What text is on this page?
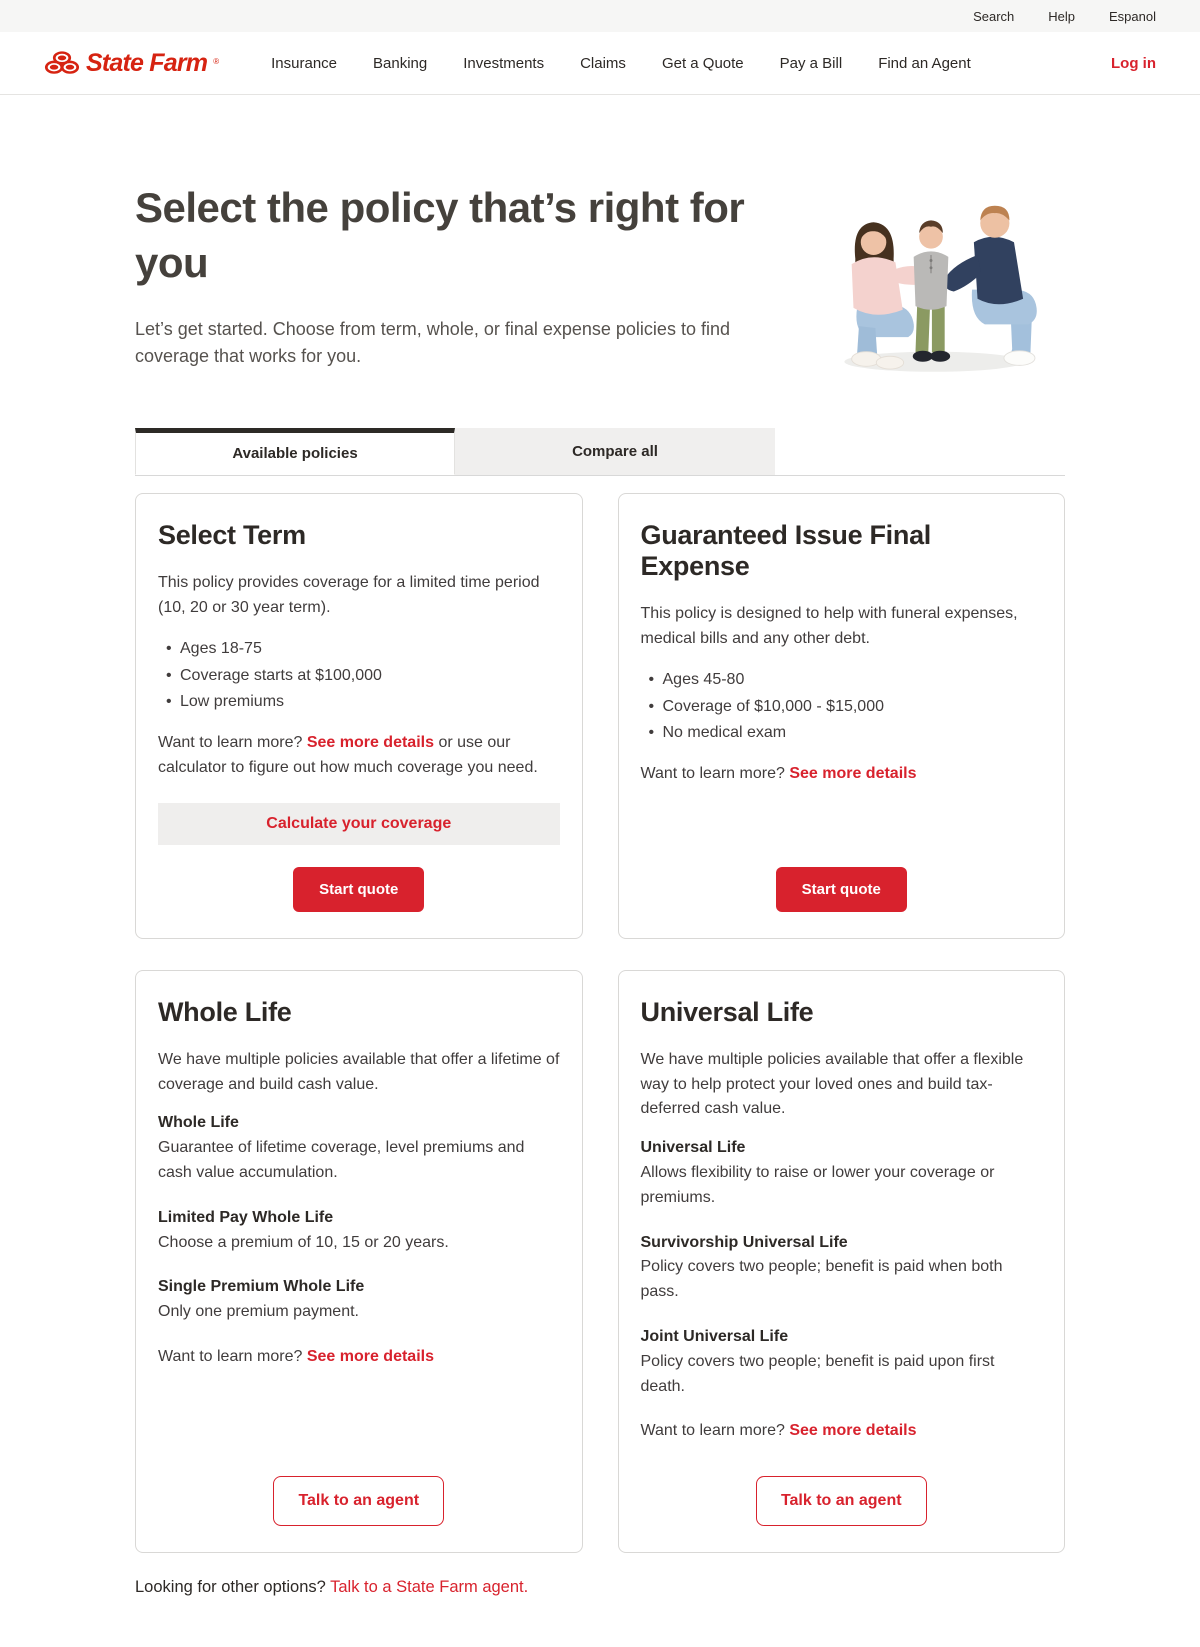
Search	Help	Espanol
State Farm ®	Insurance Banking Investments Claims Get a Quote Pay a Bill Find an Agent	Log in
Select the policy that’s right for you

Let’s get started. Choose from term, whole, or final expense policies to find coverage that works for you.

Available policies	Compare all
Select Term

This policy provides coverage for a limited time period (10, 20 or 30 year term).

• Ages 18-75
• Coverage starts at $100,000
• Low premiums

Want to learn more? See more details or use our calculator to figure out how much coverage you need.

Calculate your coverage
Start quote
Guaranteed Issue Final Expense

This policy is designed to help with funeral expenses, medical bills and any other debt.

• Ages 45-80
• Coverage of $10,000 - $15,000
• No medical exam

Want to learn more? See more details

Start quote
Whole Life

We have multiple policies available that offer a lifetime of coverage and build cash value.

Whole Life

Guarantee of lifetime coverage, level premiums and cash value accumulation.

Limited Pay Whole Life

Choose a premium of 10, 15 or 20 years.

Single Premium Whole Life

Only one premium payment.

Want to learn more? See more details

Talk to an agent
Universal Life

We have multiple policies available that offer a flexible way to help protect your loved ones and build tax-deferred cash value.

Universal Life

Allows flexibility to raise or lower your coverage or premiums.

Survivorship Universal Life

Policy covers two people; benefit is paid when both pass.

Joint Universal Life

Policy covers two people; benefit is paid upon first death.

Want to learn more? See more details

Talk to an agent

Looking for other options? Talk to a State Farm agent.
